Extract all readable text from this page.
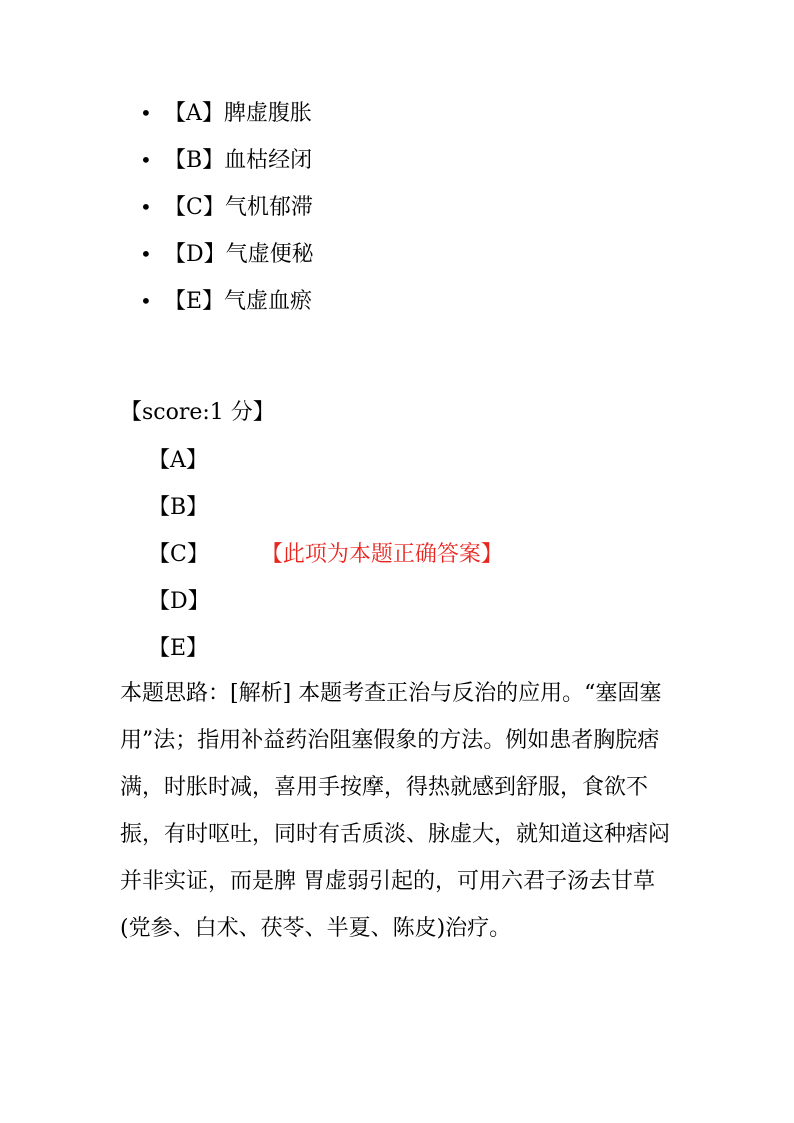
• 【A】脾虚腹胀
• 【B】血枯经闭
• 【C】气机郁滞
• 【D】气虚便秘
• 【E】气虚血瘀
【score:1 分】
【A】
【B】
【C】 【此项为本题正确答案】
【D】
【E】

本题思路：[解析] 本题考查正治与反治的应用。“塞固塞用”法；指用补益药治阻塞假象的方法。例如患者胸脘痞满，时胀时减，喜用手按摩，得热就感到舒服，食欲不振，有时呕吐，同时有舌质淡、脉虚大，就知道这种痞闷并非实证，而是脾 胃虚弱引起的，可用六君子汤去甘草(党参、白术、茯苓、半夏、陈皮)治疗。
